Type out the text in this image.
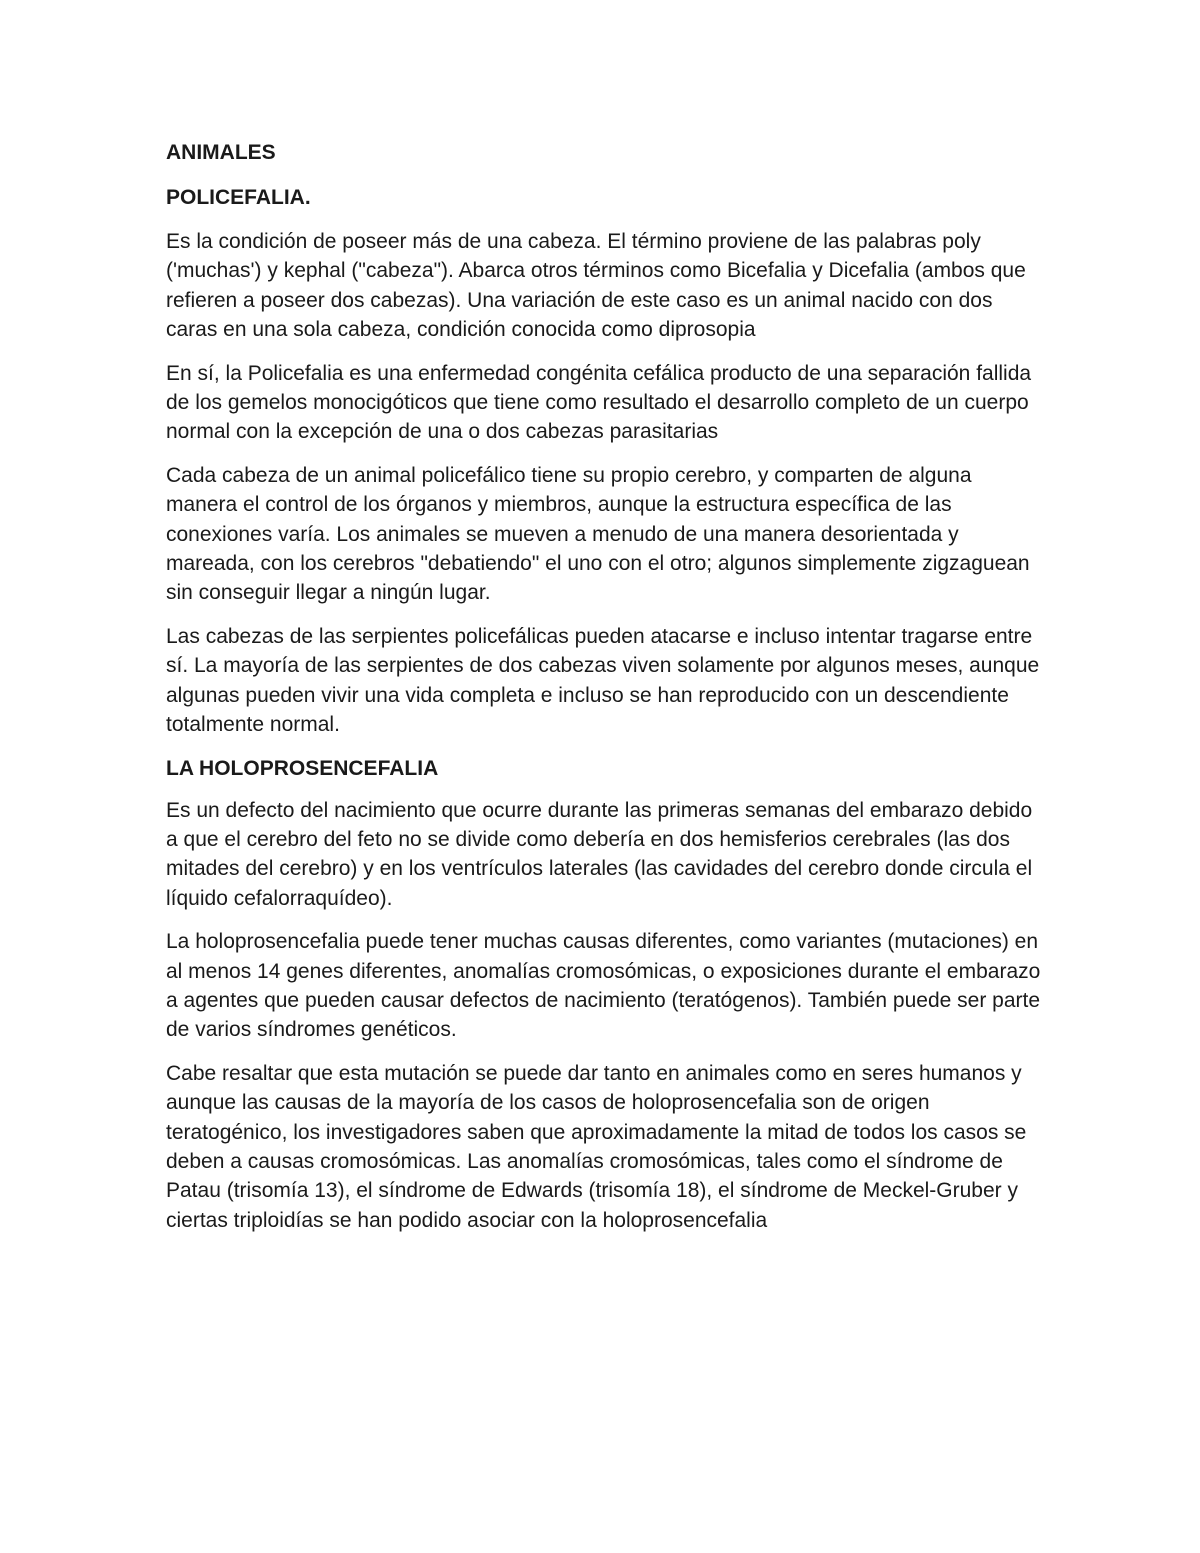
ANIMALES
POLICEFALIA.

Es la condición de poseer más de una cabeza. El término proviene de las palabras poly ('muchas') y kephal ("cabeza"). Abarca otros términos como Bicefalia y Dicefalia (ambos que refieren a poseer dos cabezas). Una variación de este caso es un animal nacido con dos caras en una sola cabeza, condición conocida como diprosopia

En sí, la Policefalia es una enfermedad congénita cefálica producto de una separación fallida de los gemelos monocigóticos que tiene como resultado el desarrollo completo de un cuerpo normal con la excepción de una o dos cabezas parasitarias

Cada cabeza de un animal policefálico tiene su propio cerebro, y comparten de alguna manera el control de los órganos y miembros, aunque la estructura específica de las conexiones varía. Los animales se mueven a menudo de una manera desorientada y mareada, con los cerebros "debatiendo" el uno con el otro; algunos simplemente zigzaguean sin conseguir llegar a ningún lugar.

Las cabezas de las serpientes policefálicas pueden atacarse e incluso intentar tragarse entre sí. La mayoría de las serpientes de dos cabezas viven solamente por algunos meses, aunque algunas pueden vivir una vida completa e incluso se han reproducido con un descendiente totalmente normal.

LA HOLOPROSENCEFALIA

Es un defecto del nacimiento que ocurre durante las primeras semanas del embarazo debido a que el cerebro del feto no se divide como debería en dos hemisferios cerebrales (las dos mitades del cerebro) y en los ventrículos laterales (las cavidades del cerebro donde circula el líquido cefalorraquídeo).

La holoprosencefalia puede tener muchas causas diferentes, como variantes (mutaciones) en al menos 14 genes diferentes, anomalías cromosómicas, o exposiciones durante el embarazo a agentes que pueden causar defectos de nacimiento (teratógenos). También puede ser parte de varios síndromes genéticos.

Cabe resaltar que esta mutación se puede dar tanto en animales como en seres humanos y aunque las causas de la mayoría de los casos de holoprosencefalia son de origen teratogénico, los investigadores saben que aproximadamente la mitad de todos los casos se deben a causas cromosómicas. Las anomalías cromosómicas, tales como el síndrome de Patau (trisomía 13), el síndrome de Edwards (trisomía 18), el síndrome de Meckel-Gruber y ciertas triploidías se han podido asociar con la holoprosencefalia
